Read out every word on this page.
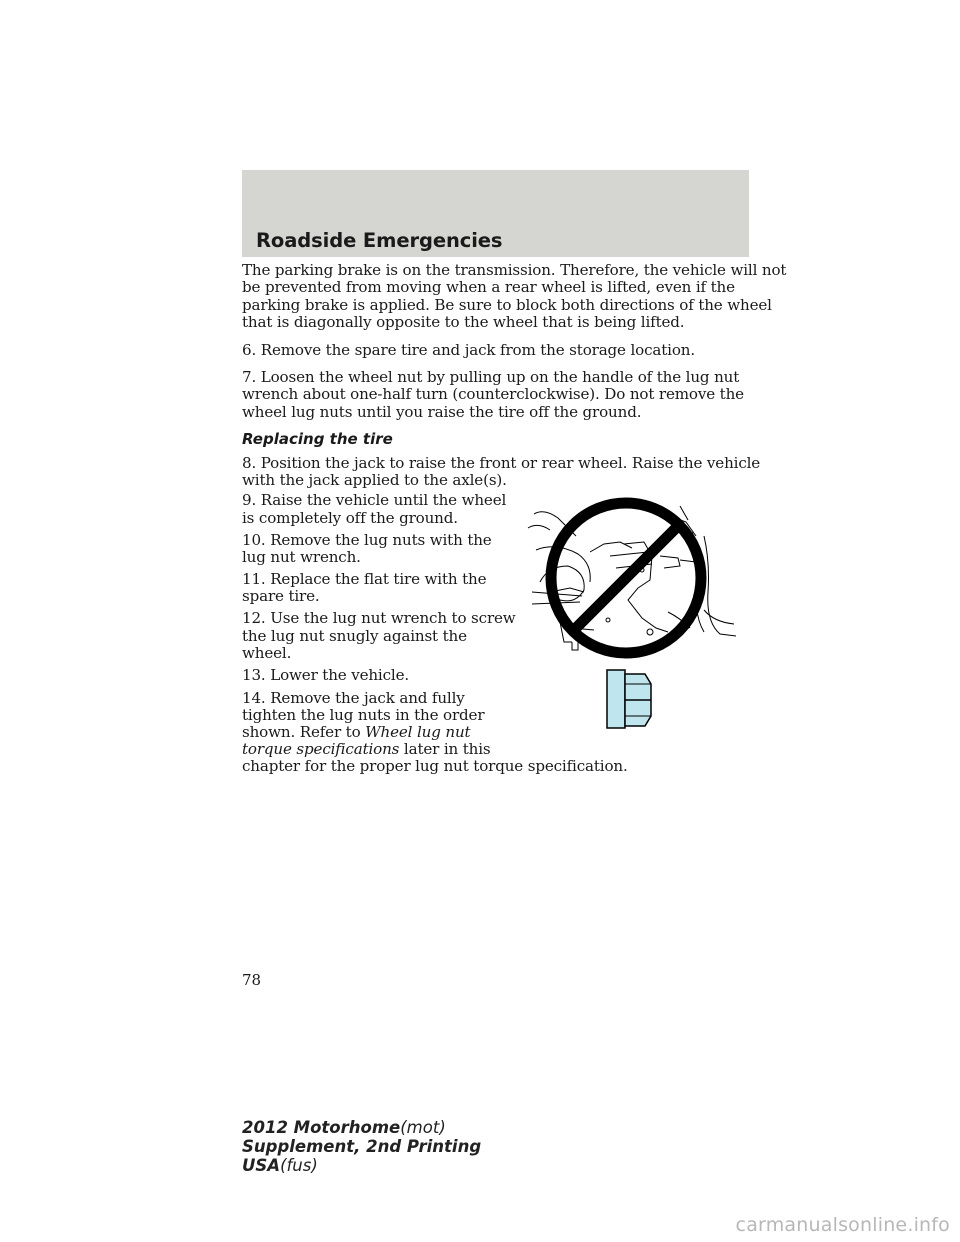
Roadside Emergencies
The parking brake is on the transmission. Therefore, the vehicle will not
be prevented from moving when a rear wheel is lifted, even if the
parking brake is applied. Be sure to block both directions of the wheel
that is diagonally opposite to the wheel that is being lifted.
6. Remove the spare tire and jack from the storage location.
7. Loosen the wheel nut by pulling up on the handle of the lug nut
wrench about one-half turn (counterclockwise). Do not remove the
wheel lug nuts until you raise the tire off the ground.
Replacing the tire
8. Position the jack to raise the front or rear wheel. Raise the vehicle
with the jack applied to the axle(s).
9. Raise the vehicle until the wheel
is completely off the ground.
10. Remove the lug nuts with the
lug nut wrench.
11. Replace the flat tire with the
spare tire.
12. Use the lug nut wrench to screw
the lug nut snugly against the
wheel.
13. Lower the vehicle.
14. Remove the jack and fully
tighten the lug nuts in the order
shown. Refer to Wheel lug nut
torque specifications later in this
chapter for the proper lug nut torque specification.
78
2012 Motorhome(mot)
Supplement, 2nd Printing
USA(fus)
carmanualsonline.info
